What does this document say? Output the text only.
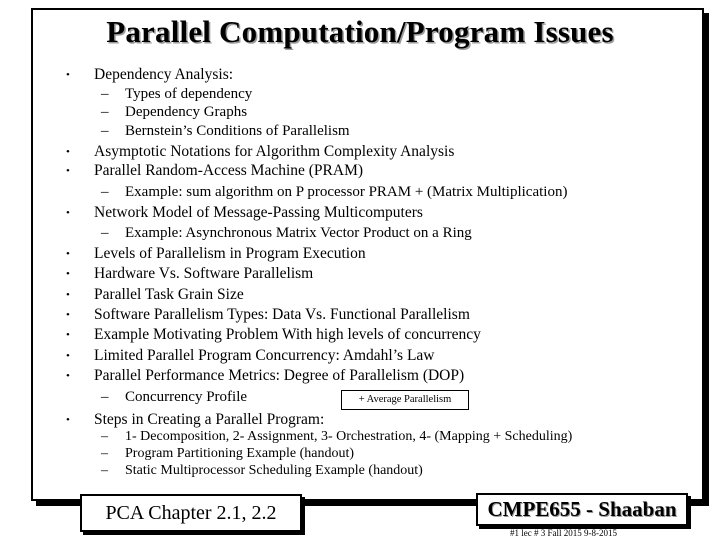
Parallel Computation/Program Issues
• Dependency Analysis:
– Types of dependency
– Dependency Graphs
– Bernstein’s Conditions of Parallelism
• Asymptotic Notations for Algorithm Complexity Analysis
• Parallel Random-Access Machine (PRAM)
– Example: sum algorithm on P processor PRAM + (Matrix Multiplication)
• Network Model of Message-Passing Multicomputers
– Example: Asynchronous Matrix Vector Product on a Ring
• Levels of Parallelism in Program Execution
• Hardware Vs. Software Parallelism
• Parallel Task Grain Size
• Software Parallelism Types: Data Vs. Functional Parallelism
• Example Motivating Problem With high levels of concurrency
• Limited Parallel Program Concurrency: Amdahl’s Law
• Parallel Performance Metrics: Degree of Parallelism (DOP)
– Concurrency Profile
• Steps in Creating a Parallel Program:
– 1- Decomposition, 2- Assignment, 3- Orchestration, 4- (Mapping + Scheduling)
– Program Partitioning Example (handout)
– Static Multiprocessor Scheduling Example (handout)
+ Average Parallelism
PCA Chapter 2.1, 2.2	CMPE655 - Shaaban
#1 lec # 3 Fall 2015 9-8-2015
